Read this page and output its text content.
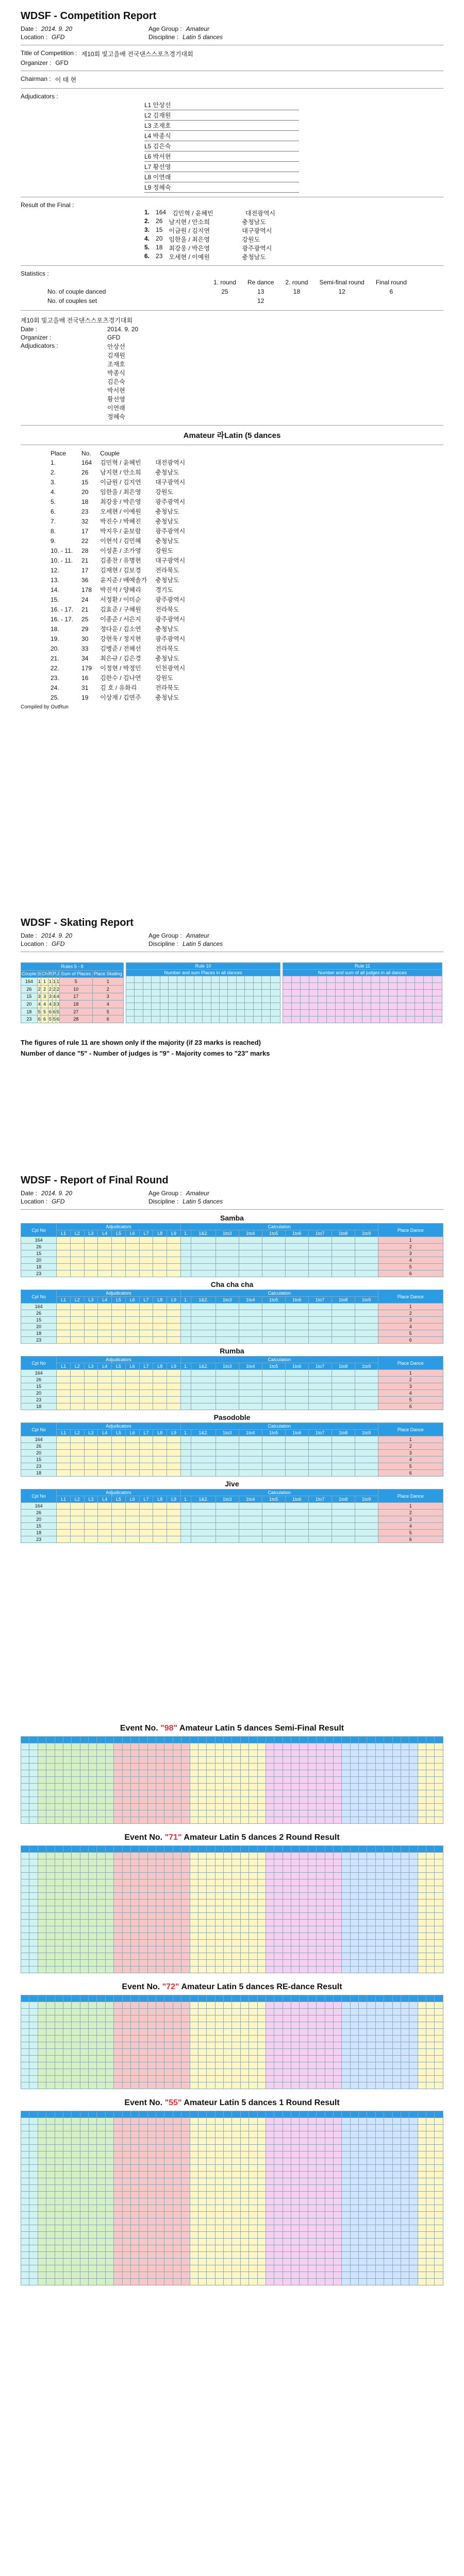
WDSF - Competition Report
Date : 2014. 9. 20	Age Group : Amateur
Location : GFD	Discipline : Latin 5 dances
Title of Competition : 제10회 빛고을배 전국댄스스포츠경기대회
Organizer : GFD
Chairman : 이 태 현
Adjudicators :
L1 안상선
L2 김재원
L3 조재호
L4 박종식
L5 김은숙
L6 박서현
L7 황선영
L8 이연래
L9 정혜숙
Result of the Final :
1. 164 김민혁 / 윤혜빈	대전광역시
2. 26 남지현 / 안소희	충청남도
3. 15 이금원 / 김지연	대구광역시
4. 20 임한울 / 최은영	강원도
5. 18 최강웅 / 박은영	광주광역시
6. 23 오세현 / 이예원	충청남도
Statistics :
	1. round	Re dance	2. round	Semi-final round	Final round
No. of couple danced	25	13	18	12	6
No. of couples set		12			
제10회 빛고을배 전국댄스스포츠경기대회
Date :	2014. 9. 20
Organizer :	GFD
Adjudicators :	안상선
김재원
조재호
박종식
김은숙
박서현
황선영
이연래
정혜숙
Amateur 라Latin (5 dances
Place	No.	Couple	
1.	164	김민혁 / 윤혜빈	대전광역시
2.	26	남지현 / 안소희	충청남도
3.	15	이금원 / 김지연	대구광역시
4.	20	임한울 / 최은영	강원도
5.	18	최강웅 / 박은영	광주광역시
6.	23	오세현 / 이예원	충청남도
7.	32	박진수 / 박혜진	충청남도
8.	17	박지우 / 윤보람	광주광역시
9.	22	이현석 / 김민혜	충청남도
10. - 11.	28	이성훈 / 조가영	강원도
10. - 11.	21	김종찬 / 유명현	대구광역시
12.	17	김재현 / 김보경	전라북도
13.	36	윤지준 / 배예솔가	충청남도
14.	178	박진석 / 양혜리	경기도
15.	24	서정환 / 이미순	광주광역시
16. - 17.	21	김효준 / 구혜원	전라북도
16. - 17.	25	이종준 / 서은지	광주광역시
18.	29	정다운 / 김소연	충청남도
19.	30	강현욱 / 정지현	광주광역시
20.	33	김병준 / 전혜선	전라북도
21.	34	최은규 / 김은경	충청남도
22.	179	이정현 / 박정민	인천광역시
23.	16	김한수 / 김나연	강원도
24.	31	김 호 / 유화리	전라북도
25.	19	이상재 / 김연주	충청남도
Compiled by OutRun
WDSF - Skating Report
Date : 2014. 9. 20	Age Group : Amateur
Location : GFD	Discipline : Latin 5 dances
Rules 5 - 8							
Couple	S	Ch	R	P	J	Sum of Places	Place Skating
164	1	1	1	1	1	5	1
26	2	2	2	2	2	10	2
15	3	3	3	4	4	17	3
20	4	4	4	3	3	18	4
18	5	5	6	6	5	27	5
23	6	6	5	5	6	28	6
Rule 10																	
Number and sum Places in all dances																	

Rule 11																	
Number and sum of all judges in all dances																	

The figures of rule 11 are shown only if the majority (if 23 marks is reached)
Number of dance "5" - Number of judges is "9" - Majority comes to "23" marks
WDSF - Report of Final Round
Date : 2014. 9. 20	Age Group : Amateur
Location : GFD	Discipline : Latin 5 dances
Samba
Cpl No	Adjudicators									Calculation									Place Dance
	L1	L2	L3	L4	L5	L6	L7	L8	L9	1.	1&2.	1to3	1to4	1to5	1to6	1to7	1to8	1to9	
164																			1
26																			2
15																			3
20																			4
18																			5
23																			6
Cha cha cha
Cpl No	Adjudicators									Calculation									Place Dance
	L1	L2	L3	L4	L5	L6	L7	L8	L9	1.	1&2.	1to3	1to4	1to5	1to6	1to7	1to8	1to9	
164																			1
26																			2
15																			3
20																			4
18																			5
23																			6
Rumba
Cpl No	Adjudicators									Calculation									Place Dance
	L1	L2	L3	L4	L5	L6	L7	L8	L9	1.	1&2.	1to3	1to4	1to5	1to6	1to7	1to8	1to9	
164																			1
26																			2
15																			3
20																			4
23																			5
18																			6
Pasodoble
Cpl No	Adjudicators									Calculation									Place Dance
	L1	L2	L3	L4	L5	L6	L7	L8	L9	1.	1&2.	1to3	1to4	1to5	1to6	1to7	1to8	1to9	
164																			1
26																			2
20																			3
15																			4
23																			5
18																			6
Jive
Cpl No	Adjudicators									Calculation									Place Dance
	L1	L2	L3	L4	L5	L6	L7	L8	L9	1.	1&2.	1to3	1to4	1to5	1to6	1to7	1to8	1to9	
164																			1
26																			2
20																			3
15																			4
18																			5
23																			6
Event No. "98" Amateur Latin 5 dances Semi-Final Result

Event No. "71" Amateur Latin 5 dances 2 Round Result

Event No. "72" Amateur Latin 5 dances RE-dance Result

Event No. "55" Amateur Latin 5 dances 1 Round Result
